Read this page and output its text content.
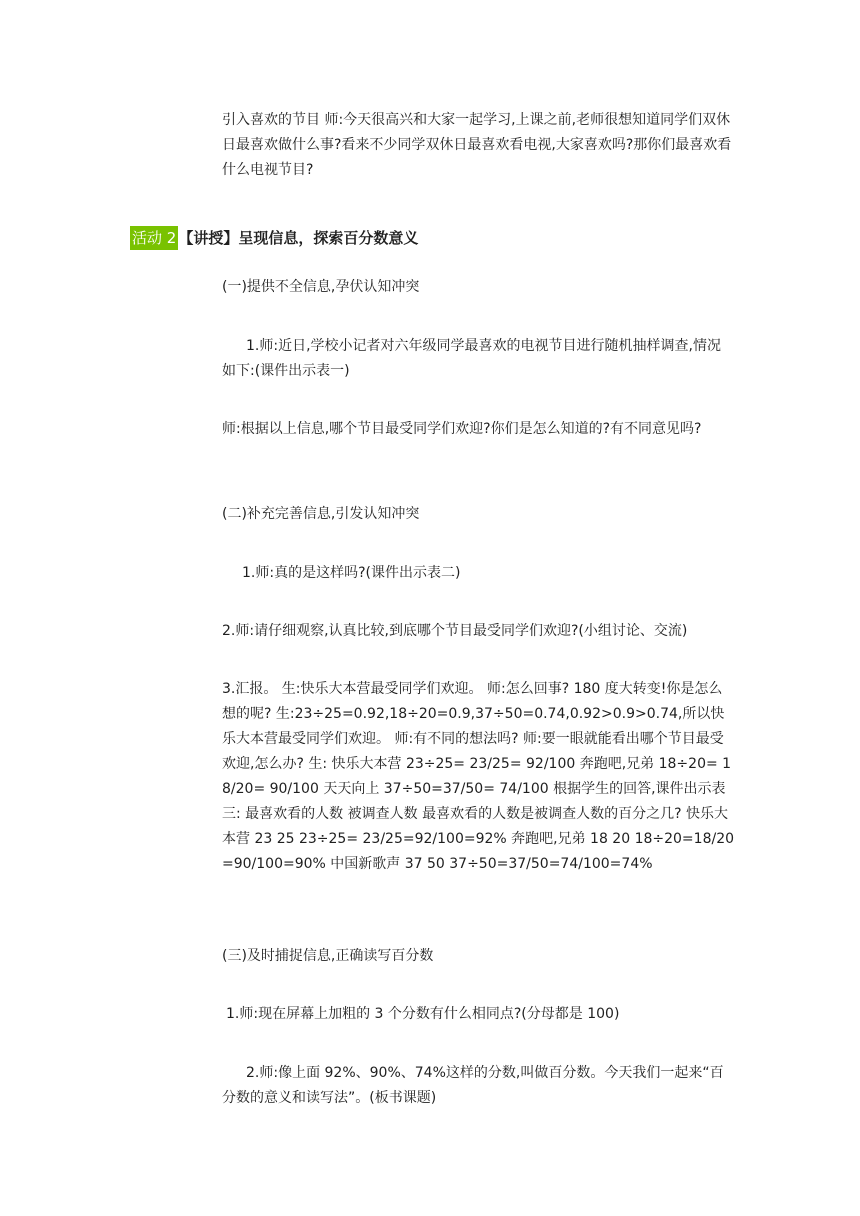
引入喜欢的节目 师:今天很高兴和大家一起学习,上课之前,老师很想知道同学们双休日最喜欢做什么事?看来不少同学双休日最喜欢看电视,大家喜欢吗?那你们最喜欢看什么电视节目?

活动 2 【讲授】呈现信息，探索百分数意义

(一)提供不全信息,孕伏认知冲突

1.师:近日,学校小记者对六年级同学最喜欢的电视节目进行随机抽样调查,情况如下:(课件出示表一)

师:根据以上信息,哪个节目最受同学们欢迎?你们是怎么知道的?有不同意见吗?

(二)补充完善信息,引发认知冲突

1.师:真的是这样吗?(课件出示表二)

2.师:请仔细观察,认真比较,到底哪个节目最受同学们欢迎?(小组讨论、交流)

3.汇报。 生:快乐大本营最受同学们欢迎。 师:怎么回事? 180 度大转变!你是怎么想的呢? 生:23÷25=0.92,18÷20=0.9,37÷50=0.74,0.92>0.9>0.74,所以快乐大本营最受同学们欢迎。 师:有不同的想法吗? 师:要一眼就能看出哪个节目最受欢迎,怎么办? 生: 快乐大本营 23÷25= 23/25= 92/100 奔跑吧,兄弟 18÷20= 18/20= 90/100 天天向上 37÷50=37/50= 74/100 根据学生的回答,课件出示表三: 最喜欢看的人数 被调查人数 最喜欢看的人数是被调查人数的百分之几? 快乐大本营 23 25 23÷25= 23/25=92/100=92% 奔跑吧,兄弟 18 20 18÷20=18/20=90/100=90% 中国新歌声 37 50 37÷50=37/50=74/100=74%

(三)及时捕捉信息,正确读写百分数

1.师:现在屏幕上加粗的 3 个分数有什么相同点?(分母都是 100)

2.师:像上面 92%、90%、74%这样的分数,叫做百分数。今天我们一起来“百分数的意义和读写法”。(板书课题)
